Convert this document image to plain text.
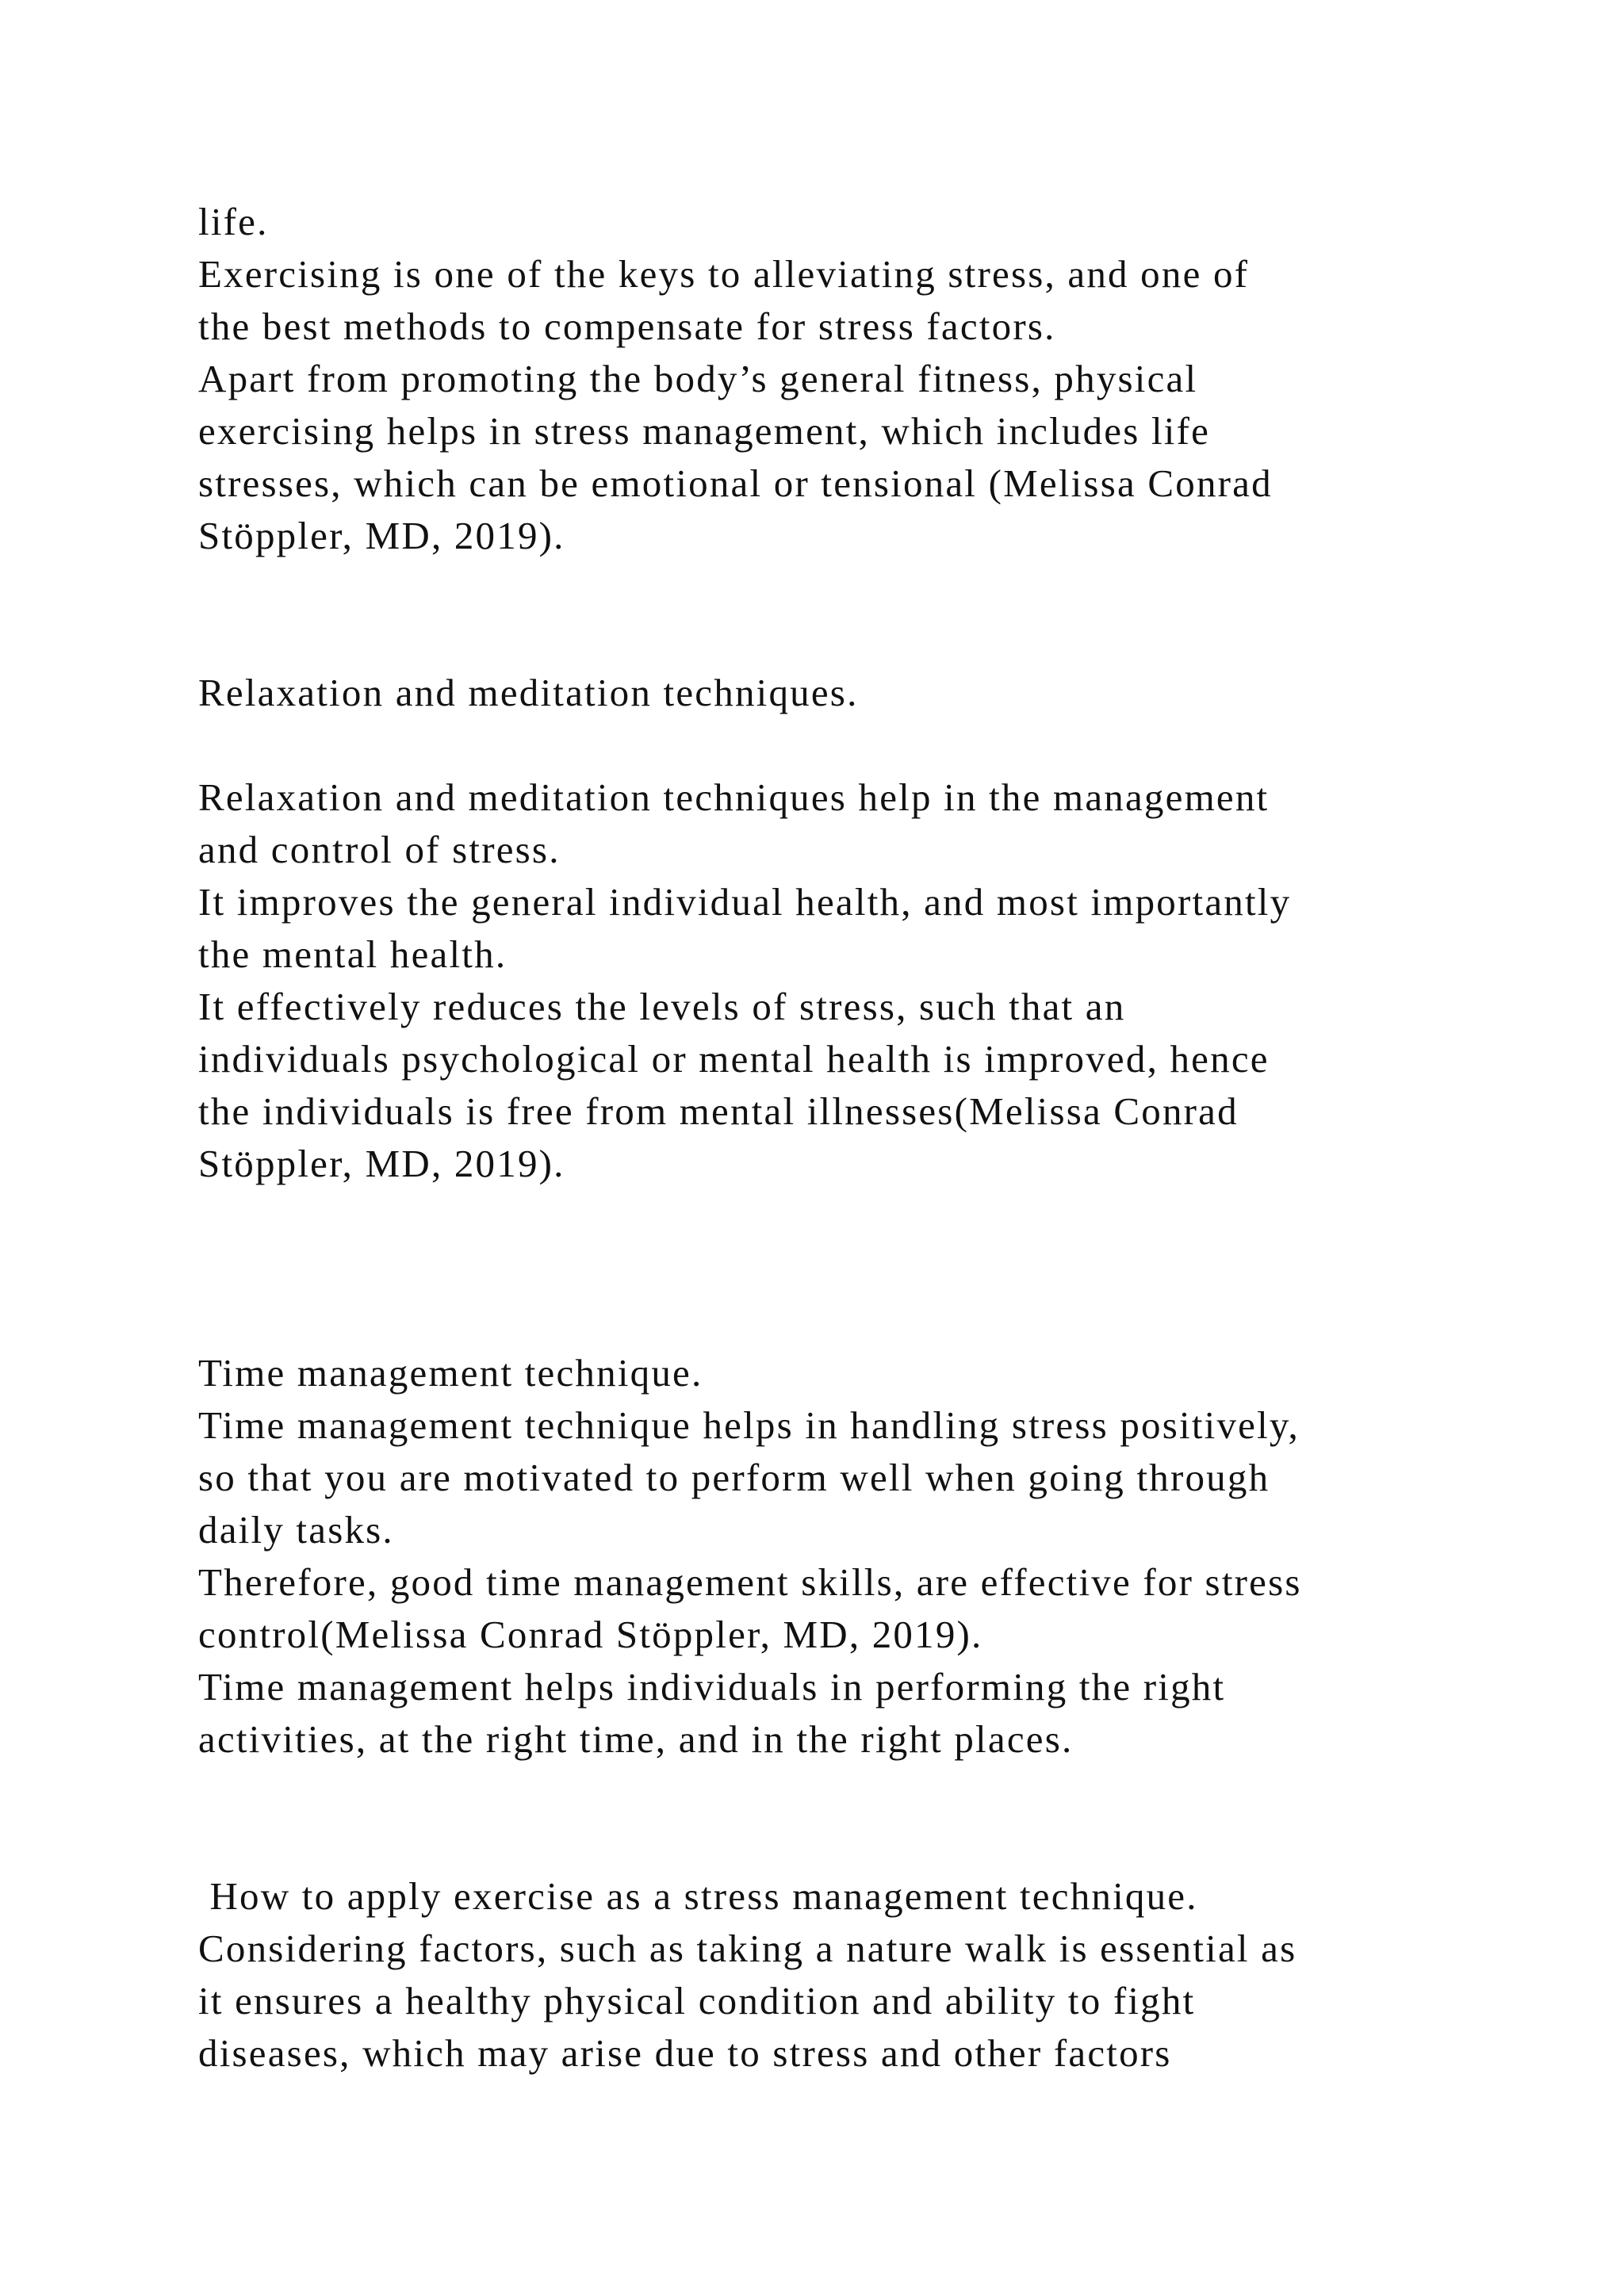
life.
Exercising is one of the keys to alleviating stress, and one of
the best methods to compensate for stress factors.
Apart from promoting the body’s general fitness, physical
exercising helps in stress management, which includes life
stresses, which can be emotional or tensional (Melissa Conrad
Stöppler, MD, 2019).
Relaxation and meditation techniques.
Relaxation and meditation techniques help in the management
and control of stress.
It improves the general individual health, and most importantly
the mental health.
It effectively reduces the levels of stress, such that an
individuals psychological or mental health is improved, hence
the individuals is free from mental illnesses(Melissa Conrad
Stöppler, MD, 2019).
Time management technique.
Time management technique helps in handling stress positively,
so that you are motivated to perform well when going through
daily tasks.
Therefore, good time management skills, are effective for stress
control(Melissa Conrad Stöppler, MD, 2019).
Time management helps individuals in performing the right
activities, at the right time, and in the right places.
How to apply exercise as a stress management technique.
Considering factors, such as taking a nature walk is essential as
it ensures a healthy physical condition and ability to fight
diseases, which may arise due to stress and other factors
